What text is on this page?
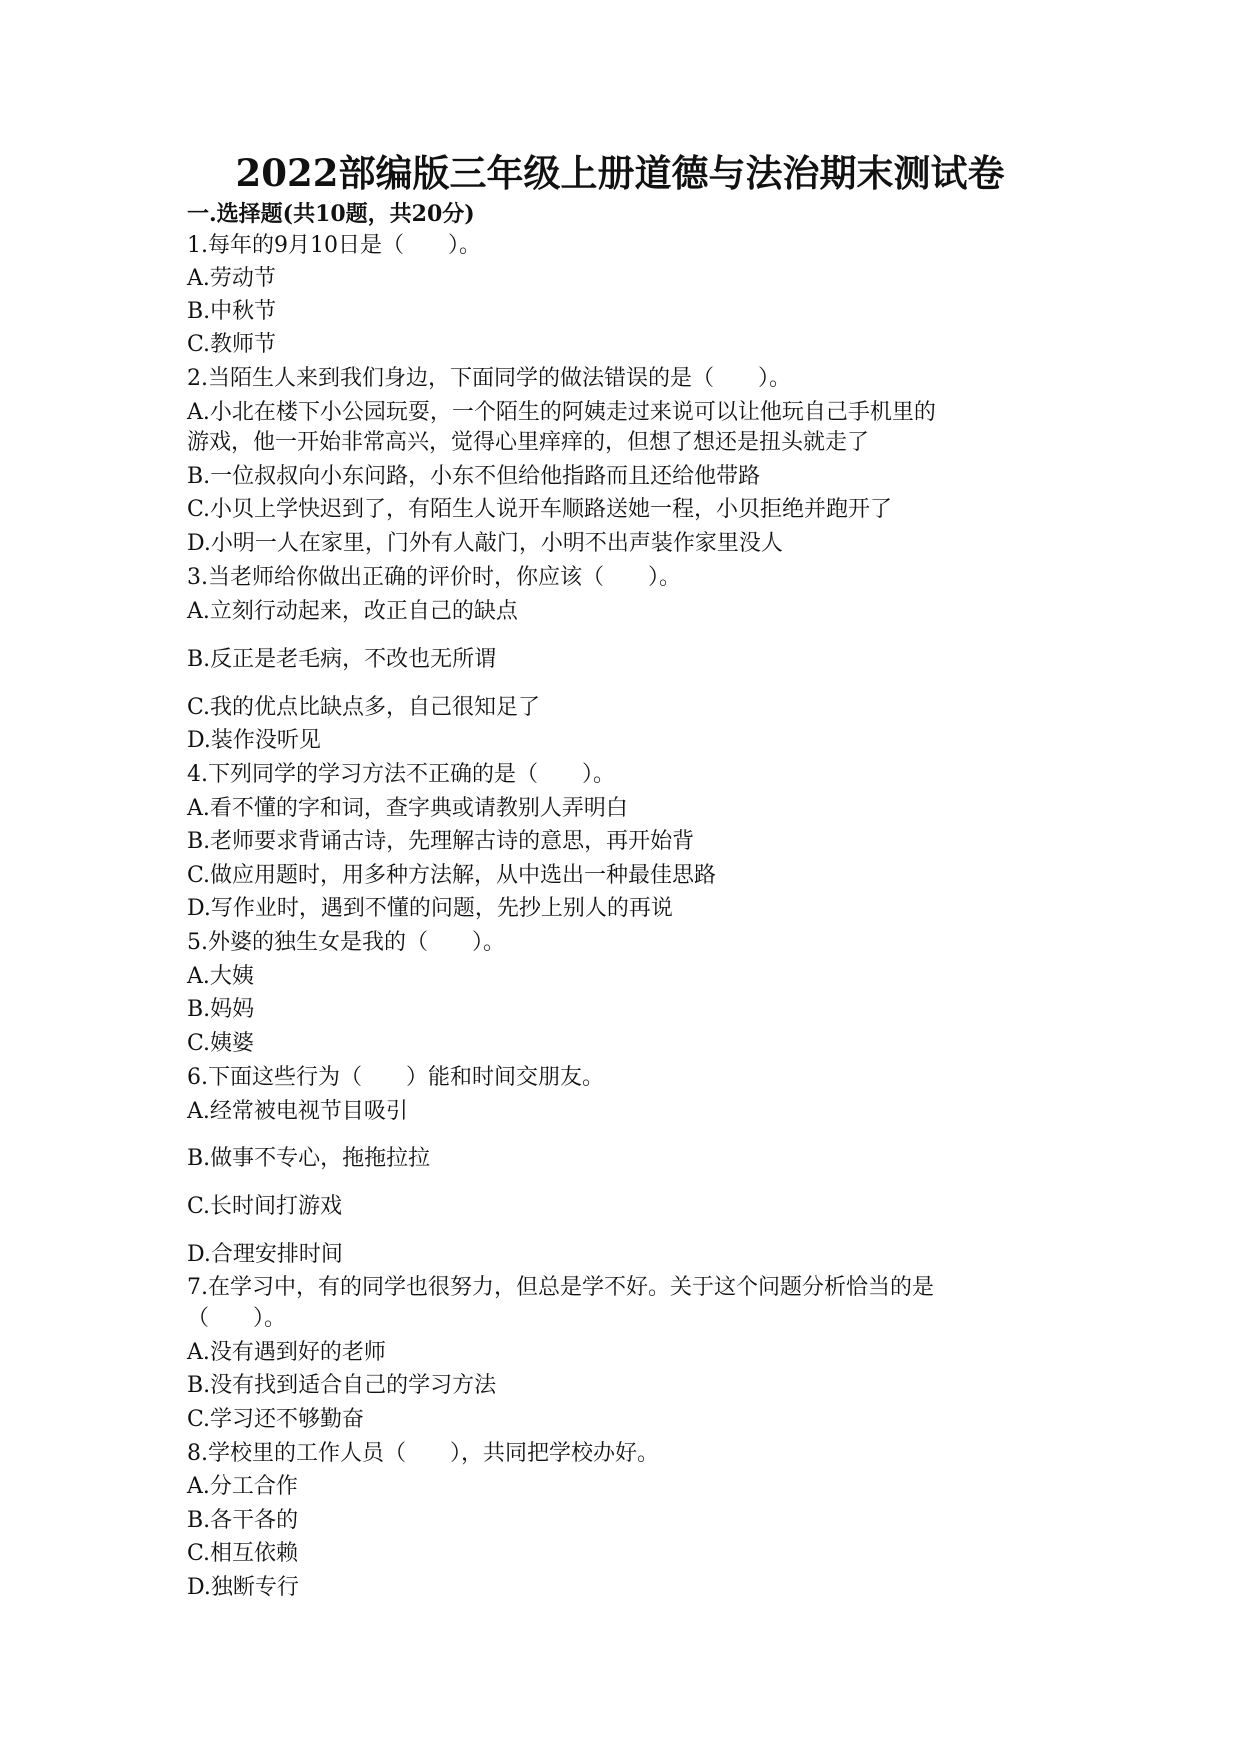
2022部编版三年级上册道德与法治期末测试卷
一.选择题(共10题，共20分)
1.每年的9月10日是（　　）。
A.劳动节
B.中秋节
C.教师节
2.当陌生人来到我们身边，下面同学的做法错误的是（　　）。
A.小北在楼下小公园玩耍，一个陌生的阿姨走过来说可以让他玩自己手机里的
游戏，他一开始非常高兴，觉得心里痒痒的，但想了想还是扭头就走了
B.一位叔叔向小东问路，小东不但给他指路而且还给他带路
C.小贝上学快迟到了，有陌生人说开车顺路送她一程，小贝拒绝并跑开了
D.小明一人在家里，门外有人敲门，小明不出声装作家里没人
3.当老师给你做出正确的评价时，你应该（　　）。
A.立刻行动起来，改正自己的缺点
B.反正是老毛病，不改也无所谓
C.我的优点比缺点多，自己很知足了
D.装作没听见
4.下列同学的学习方法不正确的是（　　）。
A.看不懂的字和词，查字典或请教别人弄明白
B.老师要求背诵古诗，先理解古诗的意思，再开始背
C.做应用题时，用多种方法解，从中选出一种最佳思路
D.写作业时，遇到不懂的问题，先抄上别人的再说
5.外婆的独生女是我的（　　）。
A.大姨
B.妈妈
C.姨婆
6.下面这些行为（　　）能和时间交朋友。
A.经常被电视节目吸引
B.做事不专心，拖拖拉拉
C.长时间打游戏
D.合理安排时间
7.在学习中，有的同学也很努力，但总是学不好。关于这个问题分析恰当的是
（　　）。
A.没有遇到好的老师
B.没有找到适合自己的学习方法
C.学习还不够勤奋
8.学校里的工作人员（　　），共同把学校办好。
A.分工合作
B.各干各的
C.相互依赖
D.独断专行
